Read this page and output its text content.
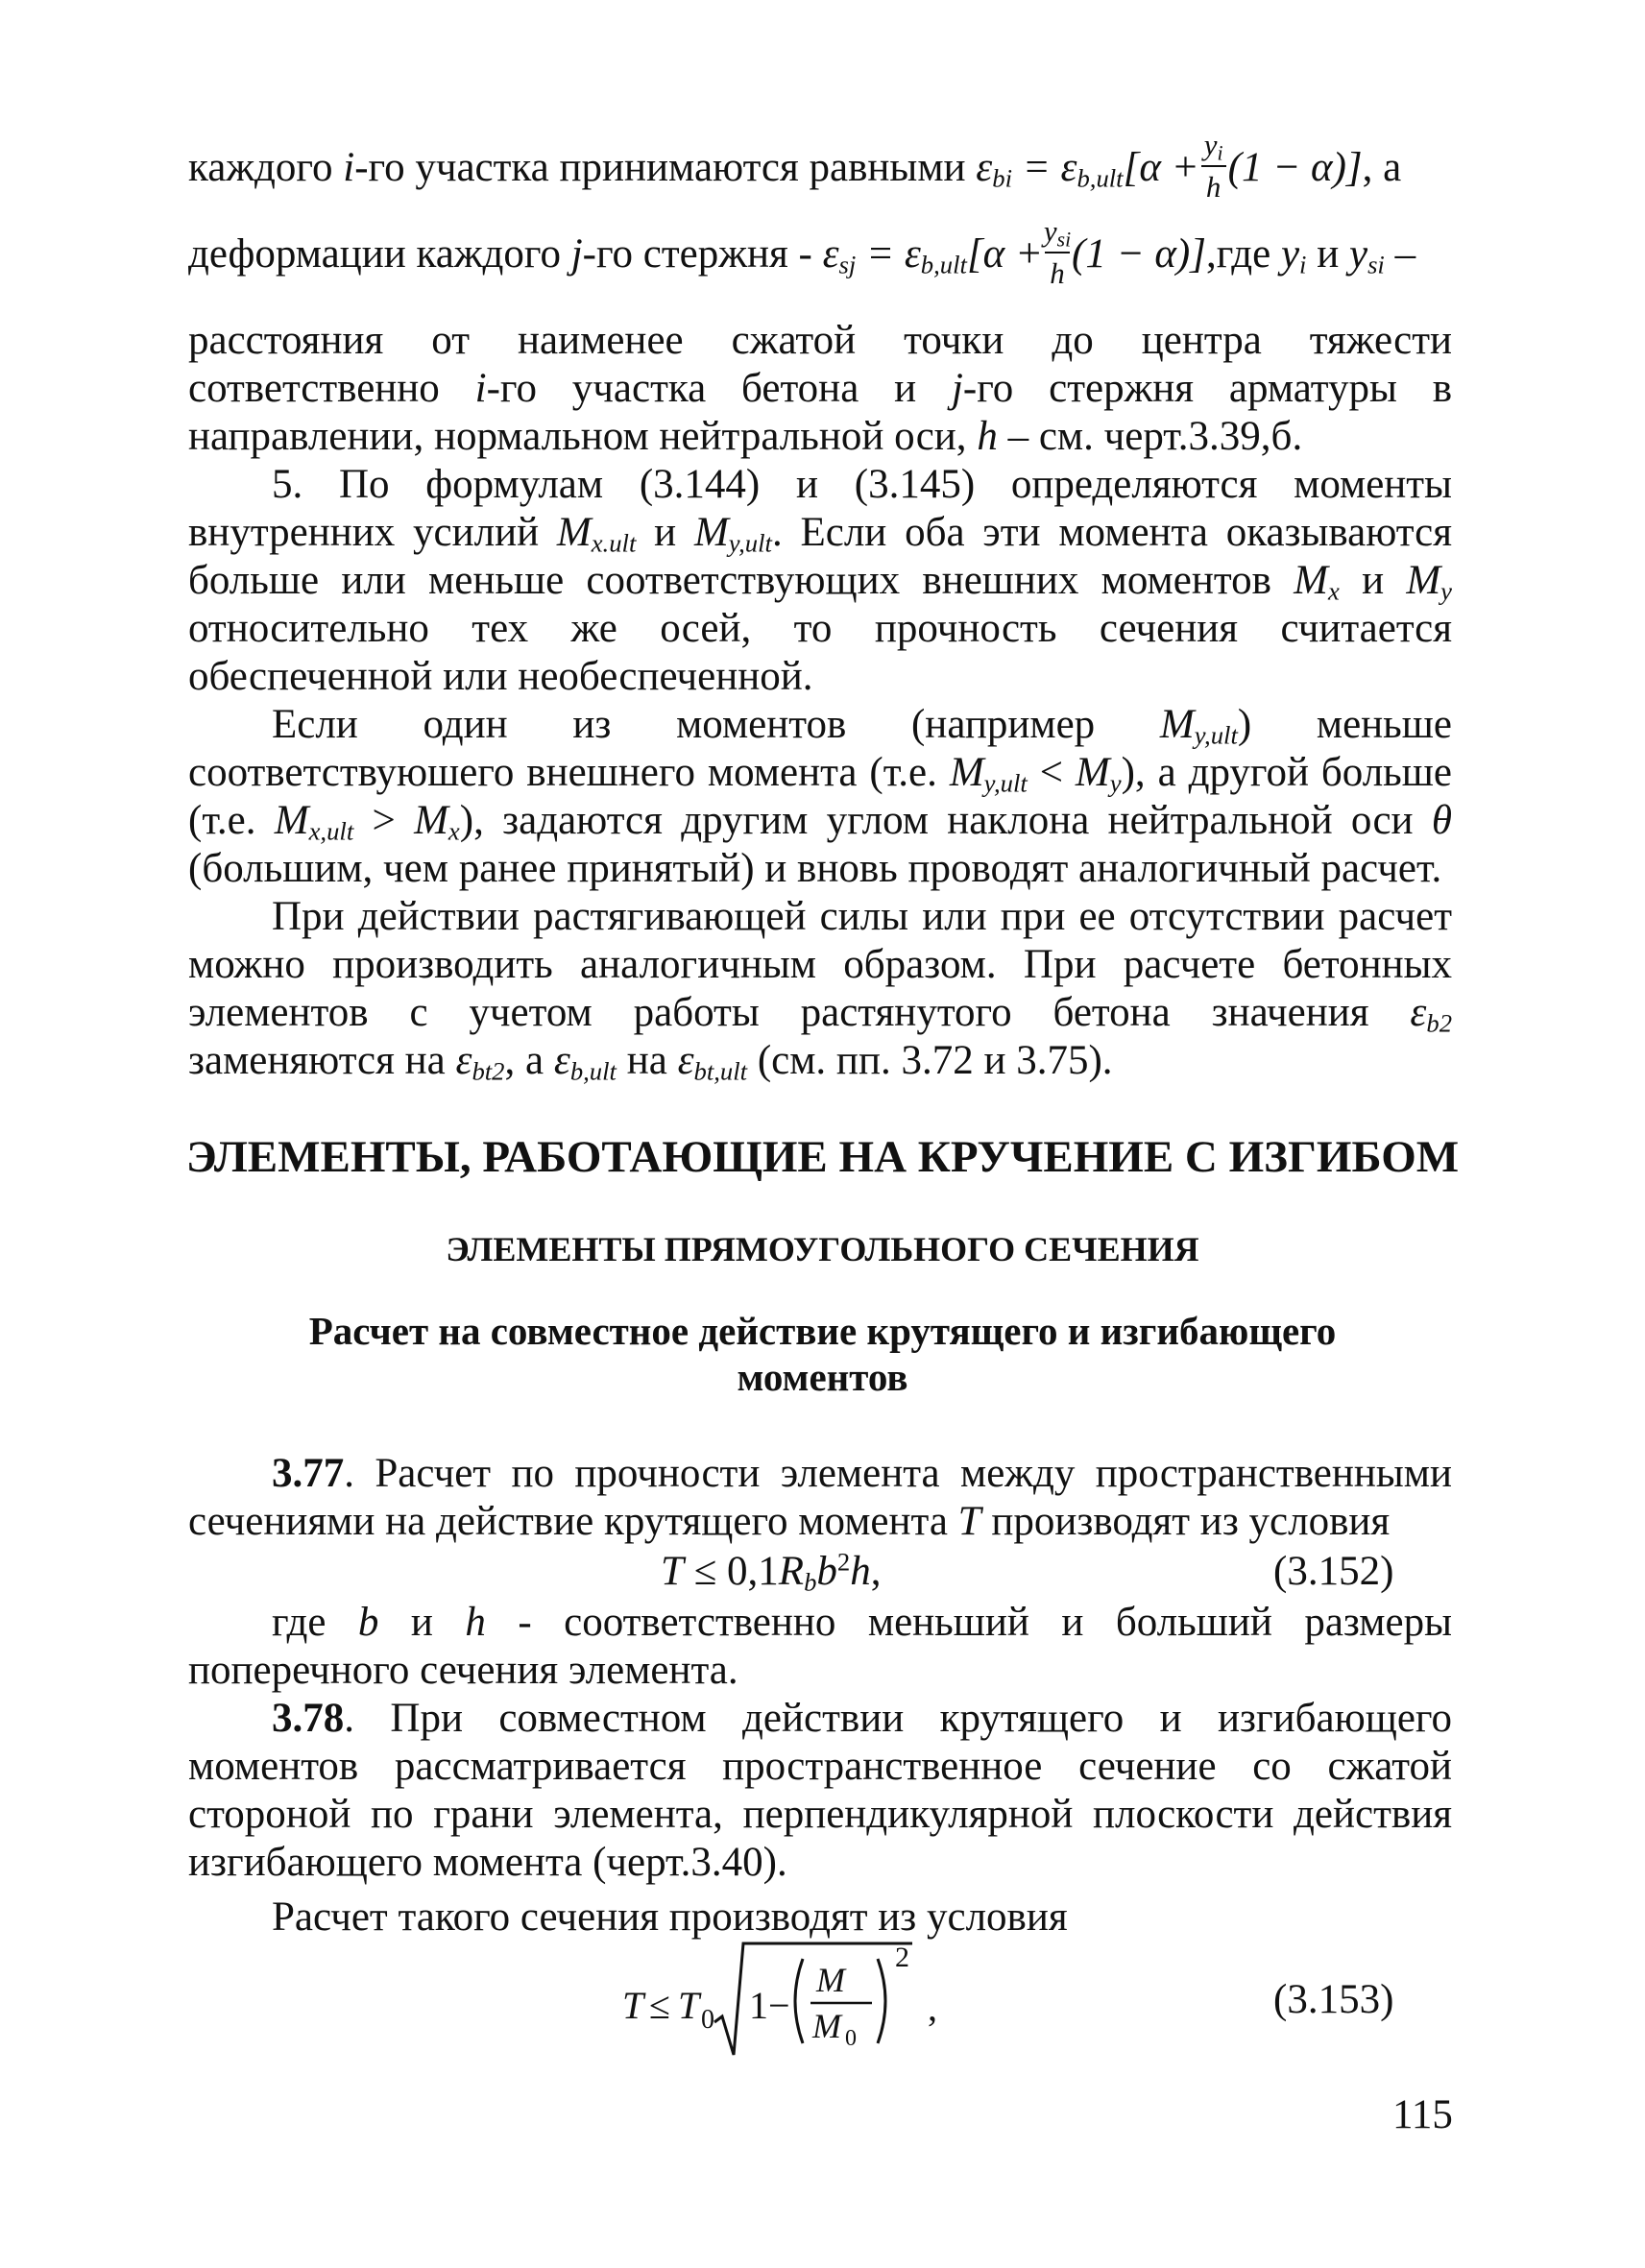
каждого i-го участка принимаются равными $\varepsilon_{bi} = \varepsilon_{b,ult}[\alpha + \frac{y_i}{h} (1 - \alpha)]$, а
деформации каждого j-го стержня - $\varepsilon_{sj} = \varepsilon_{b,ult}[\alpha + \frac{y_{si}}{h} (1 - \alpha)],где$ $y_i$ и $y_{si}$ –
расстояния от наименее сжатой точки до центра тяжести
сответственно i-го участка бетона и j-го стержня арматуры в
направлении, нормальном нейтральной оси, h – см. черт.3.39,б.
5. По формулам (3.144) и (3.145) определяются моменты
внутренних усилий $M_{x.ult}$ и $M_{y,ult}$. Если оба эти момента оказываются
больше или меньше соответствующих внешних моментов $M_x$ и $M_y$
относительно тех же осей, то прочность сечения считается
обеспеченной или необеспеченной.
Если один из моментов (например $M_{y,ult}$) меньше
соответствуюшего внешнего момента (т.е. $M_{y,ult} < M_y$), а другой больше
(т.е. $M_{x,ult} > M_x$), задаются другим углом наклона нейтральной оси θ
(большим, чем ранее принятый) и вновь проводят аналогичный расчет.
При действии растягивающей силы или при ее отсутствии расчет
можно производить аналогичным образом. При расчете бетонных
элементов с учетом работы растянутого бетона значения $\varepsilon_{b2}$
заменяются на $\varepsilon_{bt2}$, а $\varepsilon_{b,ult}$ на $\varepsilon_{bt,ult}$ (см. пп. 3.72 и 3.75).
ЭЛЕМЕНТЫ, РАБОТАЮЩИЕ НА КРУЧЕНИЕ С ИЗГИБОМ
ЭЛЕМЕНТЫ ПРЯМОУГОЛЬНОГО СЕЧЕНИЯ
Расчет на совместное действие крутящего и изгибающего
моментов
3.77. Расчет по прочности элемента между пространственными
сечениями на действие крутящего момента T производят из условия
$T \le 0,1R_bb^2h$,	(3.152)
где b и h - соответственно меньший и больший размеры
поперечного сечения элемента.
3.78. При совместном действии крутящего и изгибающего
моментов рассматривается пространственное сечение со сжатой
стороной по грани элемента, перпендикулярной плоскости действия
изгибающего момента (черт.3.40).
Расчет такого сечения производят из условия
T ≤ T 0 1 −
M
M 0
2
,	(3.153)
115
